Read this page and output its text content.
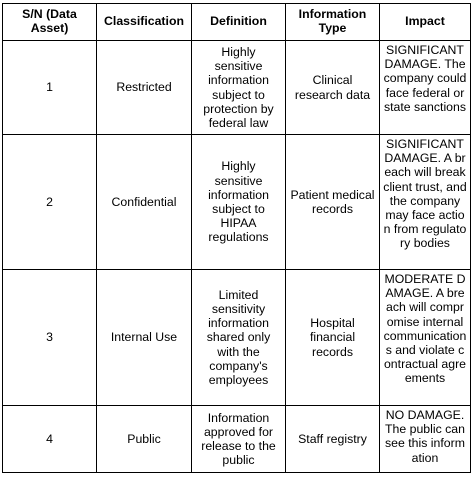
S/N (Data Asset)	Classification	Definition	Information Type	Impact
1	Restricted	Highly sensitive information subject to protection by federal law	Clinical research data	SIGNIFICANT DAMAGE. The company could face federal or state sanctions
2	Confidential	Highly sensitive information subject to HIPAA regulations	Patient medical records	SIGNIFICANT DAMAGE. A breach will break client trust, and the company may face action from regulatory bodies
3	Internal Use	Limited sensitivity information shared only with the company's employees	Hospital financial records	MODERATE DAMAGE. A breach will compromise internal communications and violate contractual agreements
4	Public	Information approved for release to the public	Staff registry	NO DAMAGE. The public can see this information
